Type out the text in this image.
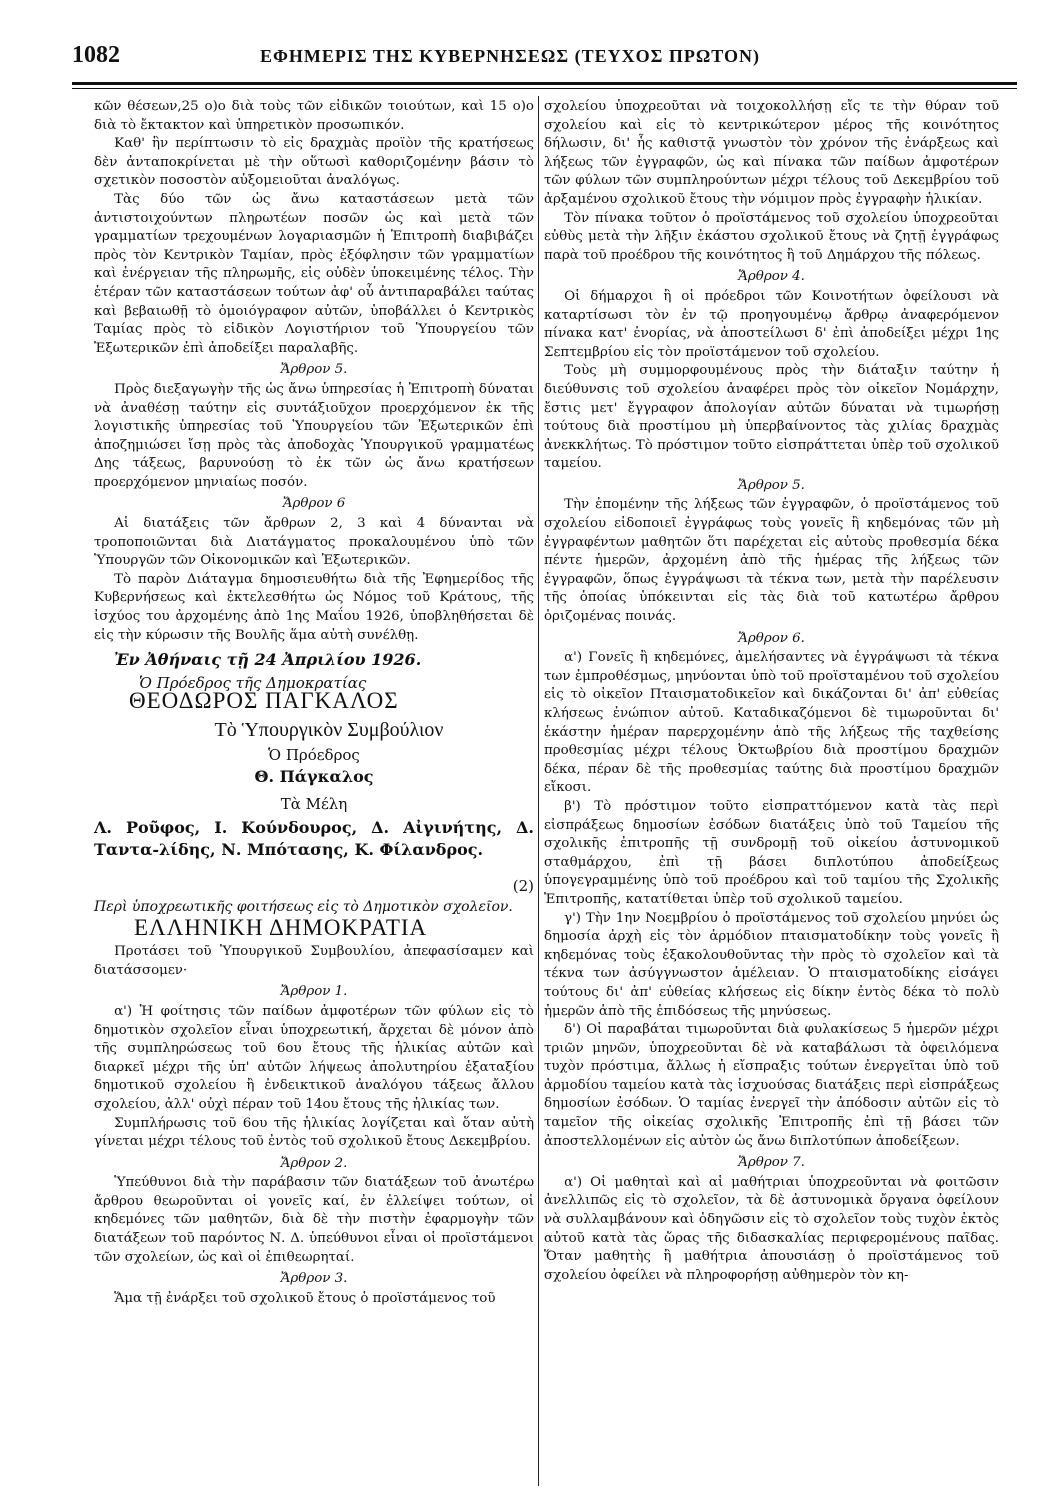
1082	ΕΦΗΜΕΡΙΣ ΤΗΣ ΚΥΒΕΡΝΗΣΕΩΣ (ΤΕΥΧΟΣ ΠΡΩΤΟΝ)

κῶν θέσεων,25 ο)ο διὰ τοὺς τῶν εἰδικῶν τοιούτων, καὶ 15 ο)ο διὰ τὸ ἔκτακτον καὶ ὑπηρετικὸν προσωπικόν.

Καθ' ἣν περίπτωσιν τὸ εἰς δραχμὰς προϊὸν τῆς κρατήσεως δὲν ἀνταποκρίνεται μὲ τὴν οὕτωσὶ καθοριζομένην βάσιν τὸ σχετικὸν ποσοστὸν αὐξομειοῦται ἀναλόγως.

Τὰς δύο τῶν ὡς ἄνω καταστάσεων μετὰ τῶν ἀντιστοιχούντων πληρωτέων ποσῶν ὡς καὶ μετὰ τῶν γραμματίων τρεχουμένων λογαριασμῶν ἡ Ἐπιτροπὴ διαβιβάζει πρὸς τὸν Κεντρικὸν Ταμίαν, πρὸς ἐξόφλησιν τῶν γραμματίων καὶ ἐνέργειαν τῆς πληρωμῆς, εἰς οὐδὲν ὑποκειμένης τέλος. Τὴν ἑτέραν τῶν καταστάσεων τούτων ἀφ' οὗ ἀντιπαραβάλει ταύτας καὶ βεβαιωθῇ τὸ ὁμοιόγραφον αὐτῶν, ὑποβάλλει ὁ Κεντρικὸς Ταμίας πρὸς τὸ εἰδικὸν Λογιστήριον τοῦ Ὑπουργείου τῶν Ἐξωτερικῶν ἐπὶ ἀποδείξει παραλαβῆς.

Ἄρθρον 5.

Πρὸς διεξαγωγὴν τῆς ὡς ἄνω ὑπηρεσίας ἡ Ἐπιτροπὴ δύναται νὰ ἀναθέσῃ ταύτην εἰς συντάξιοῦχον προερχόμενον ἐκ τῆς λογιστικῆς ὑπηρεσίας τοῦ Ὑπουργείου τῶν Ἐξωτερικῶν ἐπὶ ἀποζημιώσει ἴσῃ πρὸς τὰς ἀποδοχὰς Ὑπουργικοῦ γραμματέως Δης τάξεως, βαρυνούσῃ τὸ ἐκ τῶν ὡς ἄνω κρατήσεων προερχόμενον μηνιαίως ποσόν.

Ἄρθρον 6

Αἱ διατάξεις τῶν ἄρθρων 2, 3 καὶ 4 δύνανται νὰ τροποποιῶνται διὰ Διατάγματος προκαλουμένου ὑπὸ τῶν Ὑπουργῶν τῶν Οἰκονομικῶν καὶ Ἐξωτερικῶν.

Τὸ παρὸν Διάταγμα δημοσιευθήτω διὰ τῆς Ἐφημερίδος τῆς Κυβερνήσεως καὶ ἐκτελεσθήτω ὡς Νόμος τοῦ Κράτους, τῆς ἰσχύος του ἀρχομένης ἀπὸ 1ης Μαΐου 1926, ὑποβληθήσεται δὲ εἰς τὴν κύρωσιν τῆς Βουλῆς ἅμα αὐτὴ συνέλθῃ.

Ἐν Ἀθήναις τῇ 24 Ἀπριλίου 1926.
Ὁ Πρόεδρος τῆς Δημοκρατίας
ΘΕΟΔΩΡΟΣ ΠΑΓΚΑΛΟΣ
Τὸ Ὑπουργικὸν Συμβούλιον
Ὁ Πρόεδρος
Θ. Πάγκαλος
Τὰ Μέλη
Λ. Ροῦφος, Ι. Κούνδουρος, Δ. Αἰγινήτης, Δ. Ταντα-λίδης, Ν. Μπότασης, Κ. Φίλανδρος.
(2)

Περὶ ὑποχρεωτικῆς φοιτήσεως εἰς τὸ Δημοτικὸν σχολεῖον.

ΕΛΛΗΝΙΚΗ ΔΗΜΟΚΡΑΤΙΑ

Προτάσει τοῦ Ὑπουργικοῦ Συμβουλίου, ἀπεφασίσαμεν καὶ διατάσσομεν·

Ἄρθρον 1.

α') Ἡ φοίτησις τῶν παίδων ἀμφοτέρων τῶν φύλων εἰς τὸ δημοτικὸν σχολεῖον εἶναι ὑποχρεωτική, ἄρχεται δὲ μόνον ἀπὸ τῆς συμπληρώσεως τοῦ 6ου ἔτους τῆς ἡλικίας αὐτῶν καὶ διαρκεῖ μέχρι τῆς ὑπ' αὐτῶν λήψεως ἀπολυτηρίου ἑξαταξίου δημοτικοῦ σχολείου ἢ ἐνδεικτικοῦ ἀναλόγου τάξεως ἄλλου σχολείου, ἀλλ' οὐχὶ πέραν τοῦ 14ου ἔτους τῆς ἡλικίας των.

Συμπλήρωσις τοῦ 6ου τῆς ἡλικίας λογίζεται καὶ ὅταν αὐτὴ γίνεται μέχρι τέλους τοῦ ἐντὸς τοῦ σχολικοῦ ἔτους Δεκεμβρίου.

Ἄρθρον 2.

Ὑπεύθυνοι διὰ τὴν παράβασιν τῶν διατάξεων τοῦ ἀνωτέρω ἄρθρου θεωροῦνται οἱ γονεῖς καί, ἐν ἐλλείψει τούτων, οἱ κηδεμόνες τῶν μαθητῶν, διὰ δὲ τὴν πιστὴν ἐφαρμογὴν τῶν διατάξεων τοῦ παρόντος Ν. Δ. ὑπεύθυνοι εἶναι οἱ προϊστάμενοι τῶν σχολείων, ὡς καὶ οἱ ἐπιθεωρηταί.

Ἄρθρον 3.

Ἅμα τῇ ἐνάρξει τοῦ σχολικοῦ ἔτους ὁ προϊστάμενος τοῦ

σχολείου ὑποχρεοῦται νὰ τοιχοκολλήσῃ εἴς τε τὴν θύραν τοῦ σχολείου καὶ εἰς τὸ κεντρικώτερον μέρος τῆς κοινότητος δήλωσιν, δι' ἧς καθιστᾷ γνωστὸν τὸν χρόνον τῆς ἐνάρξεως καὶ λήξεως τῶν ἐγγραφῶν, ὡς καὶ πίνακα τῶν παίδων ἀμφοτέρων τῶν φύλων τῶν συμπληρούντων μέχρι τέλους τοῦ Δεκεμβρίου τοῦ ἀρξαμένου σχολικοῦ ἔτους τὴν νόμιμον πρὸς ἐγγραφὴν ἡλικίαν.

Τὸν πίνακα τοῦτον ὁ προϊστάμενος τοῦ σχολείου ὑποχρεοῦται εὐθὺς μετὰ τὴν λῆξιν ἑκάστου σχολικοῦ ἔτους νὰ ζητῇ ἐγγράφως παρὰ τοῦ προέδρου τῆς κοινότητος ἢ τοῦ Δημάρχου τῆς πόλεως.

Ἄρθρον 4.

Οἱ δήμαρχοι ἢ οἱ πρόεδροι τῶν Κοινοτήτων ὀφείλουσι νὰ καταρτίσωσι τὸν ἐν τῷ προηγουμένῳ ἄρθρῳ ἀναφερόμενον πίνακα κατ' ἐνορίας, νὰ ἀποστείλωσι δ' ἐπὶ ἀποδείξει μέχρι 1ης Σεπτεμβρίου εἰς τὸν προϊστάμενον τοῦ σχολείου.

Τοὺς μὴ συμμορφουμένους πρὸς τὴν διάταξιν ταύτην ἡ διεύθυνσις τοῦ σχολείου ἀναφέρει πρὸς τὸν οἰκεῖον Νομάρχην, ἔστις μετ' ἔγγραφον ἀπολογίαν αὐτῶν δύναται νὰ τιμωρήσῃ τούτους διὰ προστίμου μὴ ὑπερβαίνοντος τὰς χιλίας δραχμὰς ἀνεκκλήτως. Τὸ πρόστιμον τοῦτο εἰσπράττεται ὑπὲρ τοῦ σχολικοῦ ταμείου.

Ἄρθρον 5.

Τὴν ἐπομένην τῆς λήξεως τῶν ἐγγραφῶν, ὁ προϊστάμενος τοῦ σχολείου εἰδοποιεῖ ἐγγράφως τοὺς γονεῖς ἢ κηδεμόνας τῶν μὴ ἐγγραφέντων μαθητῶν ὅτι παρέχεται εἰς αὐτοὺς προθεσμία δέκα πέντε ἡμερῶν, ἀρχομένη ἀπὸ τῆς ἡμέρας τῆς λήξεως τῶν ἐγγραφῶν, ὅπως ἐγγράψωσι τὰ τέκνα των, μετὰ τὴν παρέλευσιν τῆς ὁποίας ὑπόκεινται εἰς τὰς διὰ τοῦ κατωτέρω ἄρθρου ὁριζομένας ποινάς.

Ἄρθρον 6.

α') Γονεῖς ἢ κηδεμόνες, ἀμελήσαντες νὰ ἐγγράψωσι τὰ τέκνα των ἐμπροθέσμως, μηνύονται ὑπὸ τοῦ προϊσταμένου τοῦ σχολείου εἰς τὸ οἰκεῖον Πταισματοδικεῖον καὶ δικάζονται δι' ἀπ' εὐθείας κλήσεως ἐνώπιον αὐτοῦ. Καταδικαζόμενοι δὲ τιμωροῦνται δι' ἑκάστην ἡμέραν παρερχομένην ἀπὸ τῆς λήξεως τῆς ταχθείσης προθεσμίας μέχρι τέλους Ὀκτωβρίου διὰ προστίμου δραχμῶν δέκα, πέραν δὲ τῆς προθεσμίας ταύτης διὰ προστίμου δραχμῶν εἴκοσι.

β') Τὸ πρόστιμον τοῦτο εἰσπραττόμενον κατὰ τὰς περὶ εἰσπράξεως δημοσίων ἐσόδων διατάξεις ὑπὸ τοῦ Ταμείου τῆς σχολικῆς ἐπιτροπῆς τῇ συνδρομῇ τοῦ οἰκείου ἀστυνομικοῦ σταθμάρχου, ἐπὶ τῇ βάσει διπλοτύπου ἀποδείξεως ὑπογεγραμμένης ὑπὸ τοῦ προέδρου καὶ τοῦ ταμίου τῆς Σχολικῆς Ἐπιτροπῆς, κατατίθεται ὑπὲρ τοῦ σχολικοῦ ταμείου.

γ') Τὴν 1ην Νοεμβρίου ὁ προϊστάμενος τοῦ σχολείου μηνύει ὡς δημοσία ἀρχὴ εἰς τὸν ἁρμόδιον πταισματοδίκην τοὺς γονεῖς ἢ κηδεμόνας τοὺς ἐξακολουθοῦντας τὴν πρὸς τὸ σχολεῖον καὶ τὰ τέκνα των ἀσύγγνωστον ἀμέλειαν. Ὁ πταισματοδίκης εἰσάγει τούτους δι' ἀπ' εὐθείας κλήσεως εἰς δίκην ἐντὸς δέκα τὸ πολὺ ἡμερῶν ἀπὸ τῆς ἐπιδόσεως τῆς μηνύσεως.

δ') Οἱ παραβάται τιμωροῦνται διὰ φυλακίσεως 5 ἡμερῶν μέχρι τριῶν μηνῶν, ὑποχρεοῦνται δὲ νὰ καταβάλωσι τὰ ὀφειλόμενα τυχὸν πρόστιμα, ἄλλως ἡ εἴσπραξις τούτων ἐνεργεῖται ὑπὸ τοῦ ἁρμοδίου ταμείου κατὰ τὰς ἰσχυούσας διατάξεις περὶ εἰσπράξεως δημοσίων ἐσόδων. Ὁ ταμίας ἐνεργεῖ τὴν ἀπόδοσιν αὐτῶν εἰς τὸ ταμεῖον τῆς οἰκείας σχολικῆς Ἐπιτροπῆς ἐπὶ τῇ βάσει τῶν ἀποστελλομένων εἰς αὐτὸν ὡς ἄνω διπλοτύπων ἀποδείξεων.

Ἄρθρον 7.

α') Οἱ μαθηταὶ καὶ αἱ μαθήτριαι ὑποχρεοῦνται νὰ φοιτῶσιν ἀνελλιπῶς εἰς τὸ σχολεῖον, τὰ δὲ ἀστυνομικὰ ὄργανα ὀφείλουν νὰ συλλαμβάνουν καὶ ὁδηγῶσιν εἰς τὸ σχολεῖον τοὺς τυχὸν ἐκτὸς αὐτοῦ κατὰ τὰς ὥρας τῆς διδασκαλίας περιφερομένους παῖδας. Ὅταν μαθητὴς ἢ μαθήτρια ἀπουσιάσῃ ὁ προϊστάμενος τοῦ σχολείου ὀφείλει νὰ πληροφορήσῃ αὐθημερὸν τὸν κη-
